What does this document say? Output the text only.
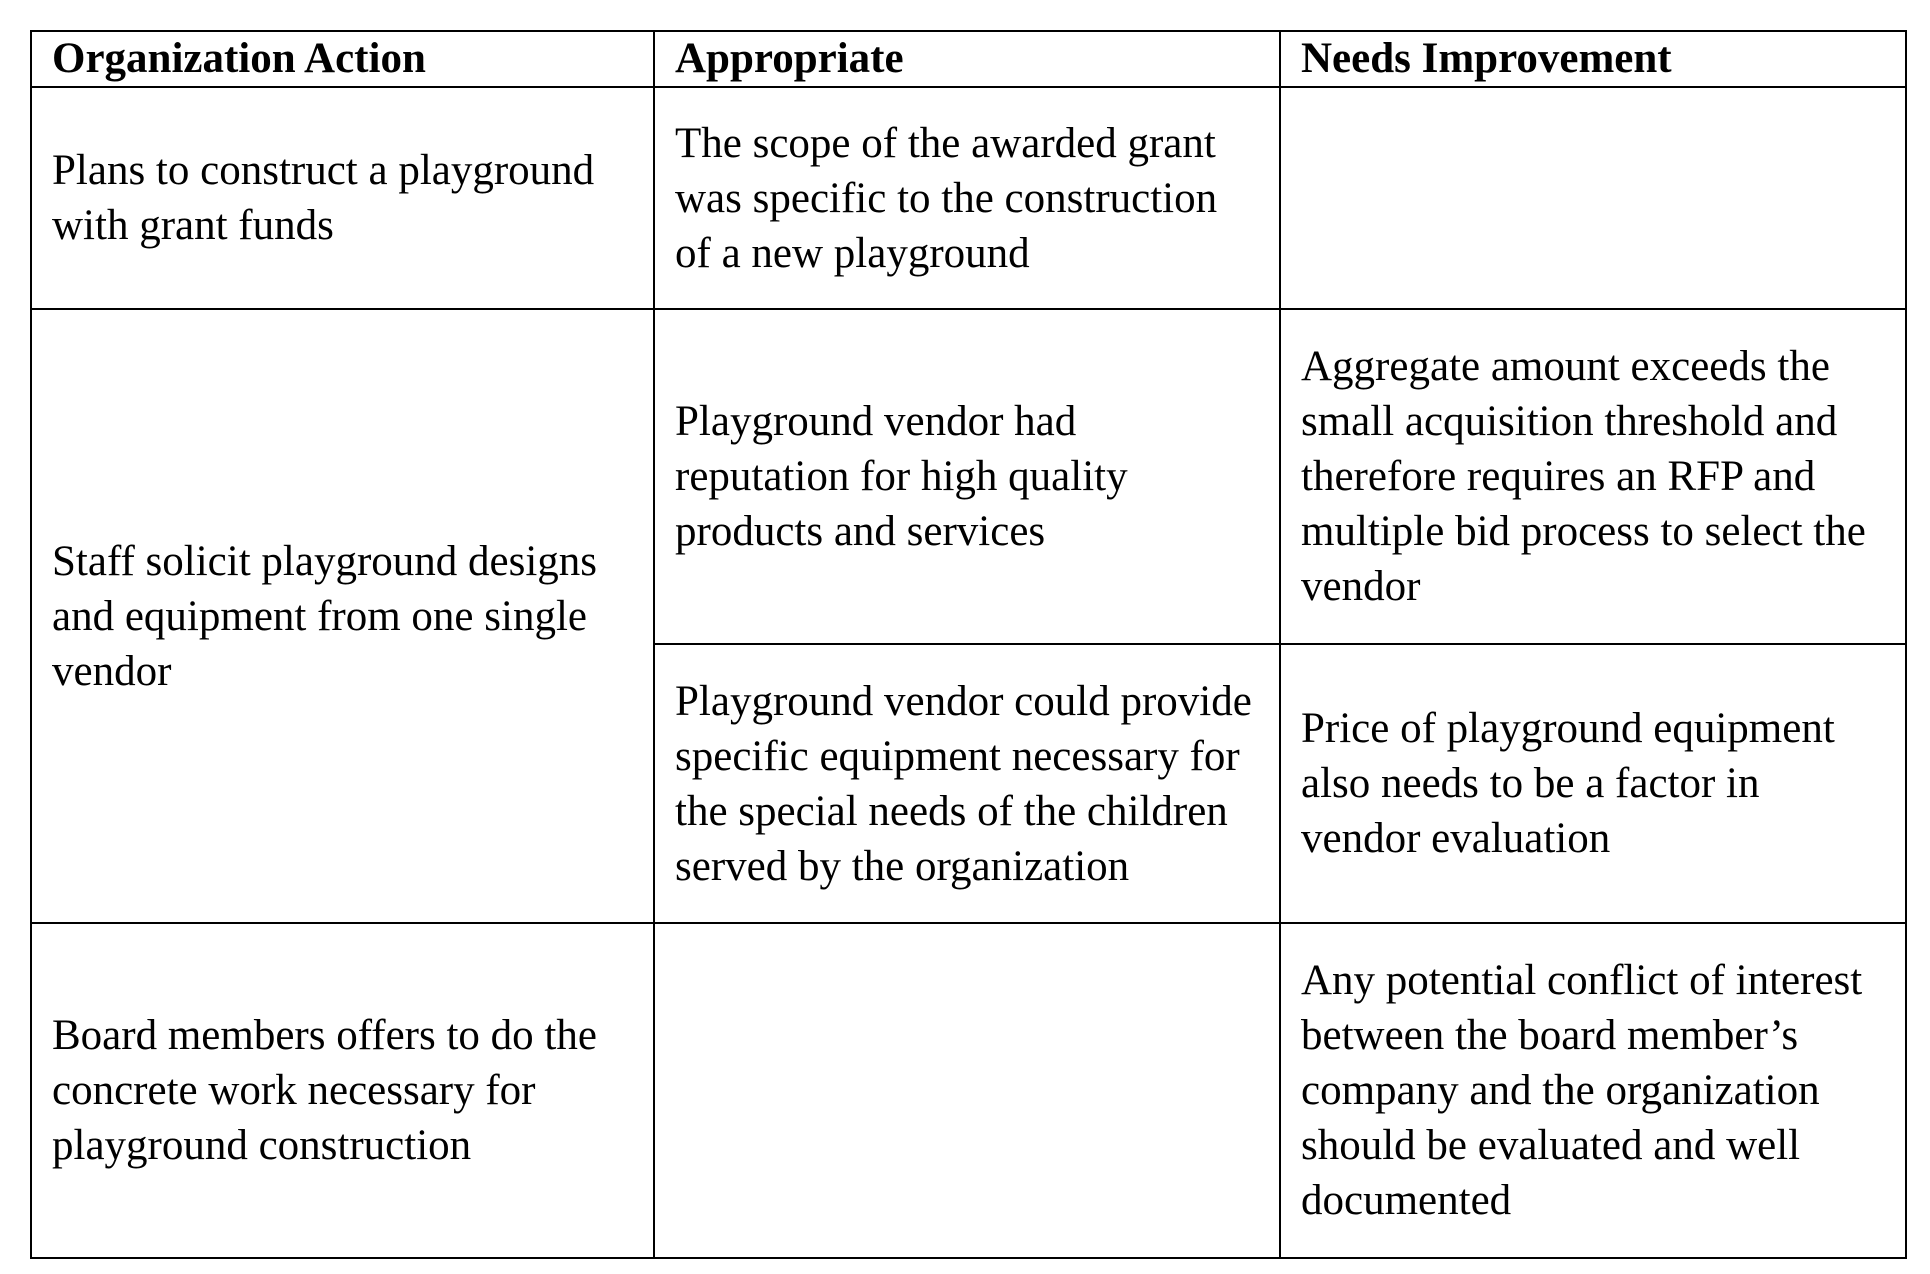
Organization Action	Appropriate	Needs Improvement

Plans to construct a playground with grant funds	The scope of the awarded grant was specific to the construction of a new playground	

Staff solicit playground designs and equipment from one single vendor	Playground vendor had reputation for high quality products and services	Aggregate amount exceeds the small acquisition threshold and therefore requires an RFP and multiple bid process to select the vendor

	Playground vendor could provide specific equipment necessary for the special needs of the children served by the organization	Price of playground equipment also needs to be a factor in vendor evaluation

Board members offers to do the concrete work necessary for playground construction		Any potential conflict of interest between the board member’s company and the organization should be evaluated and well documented
